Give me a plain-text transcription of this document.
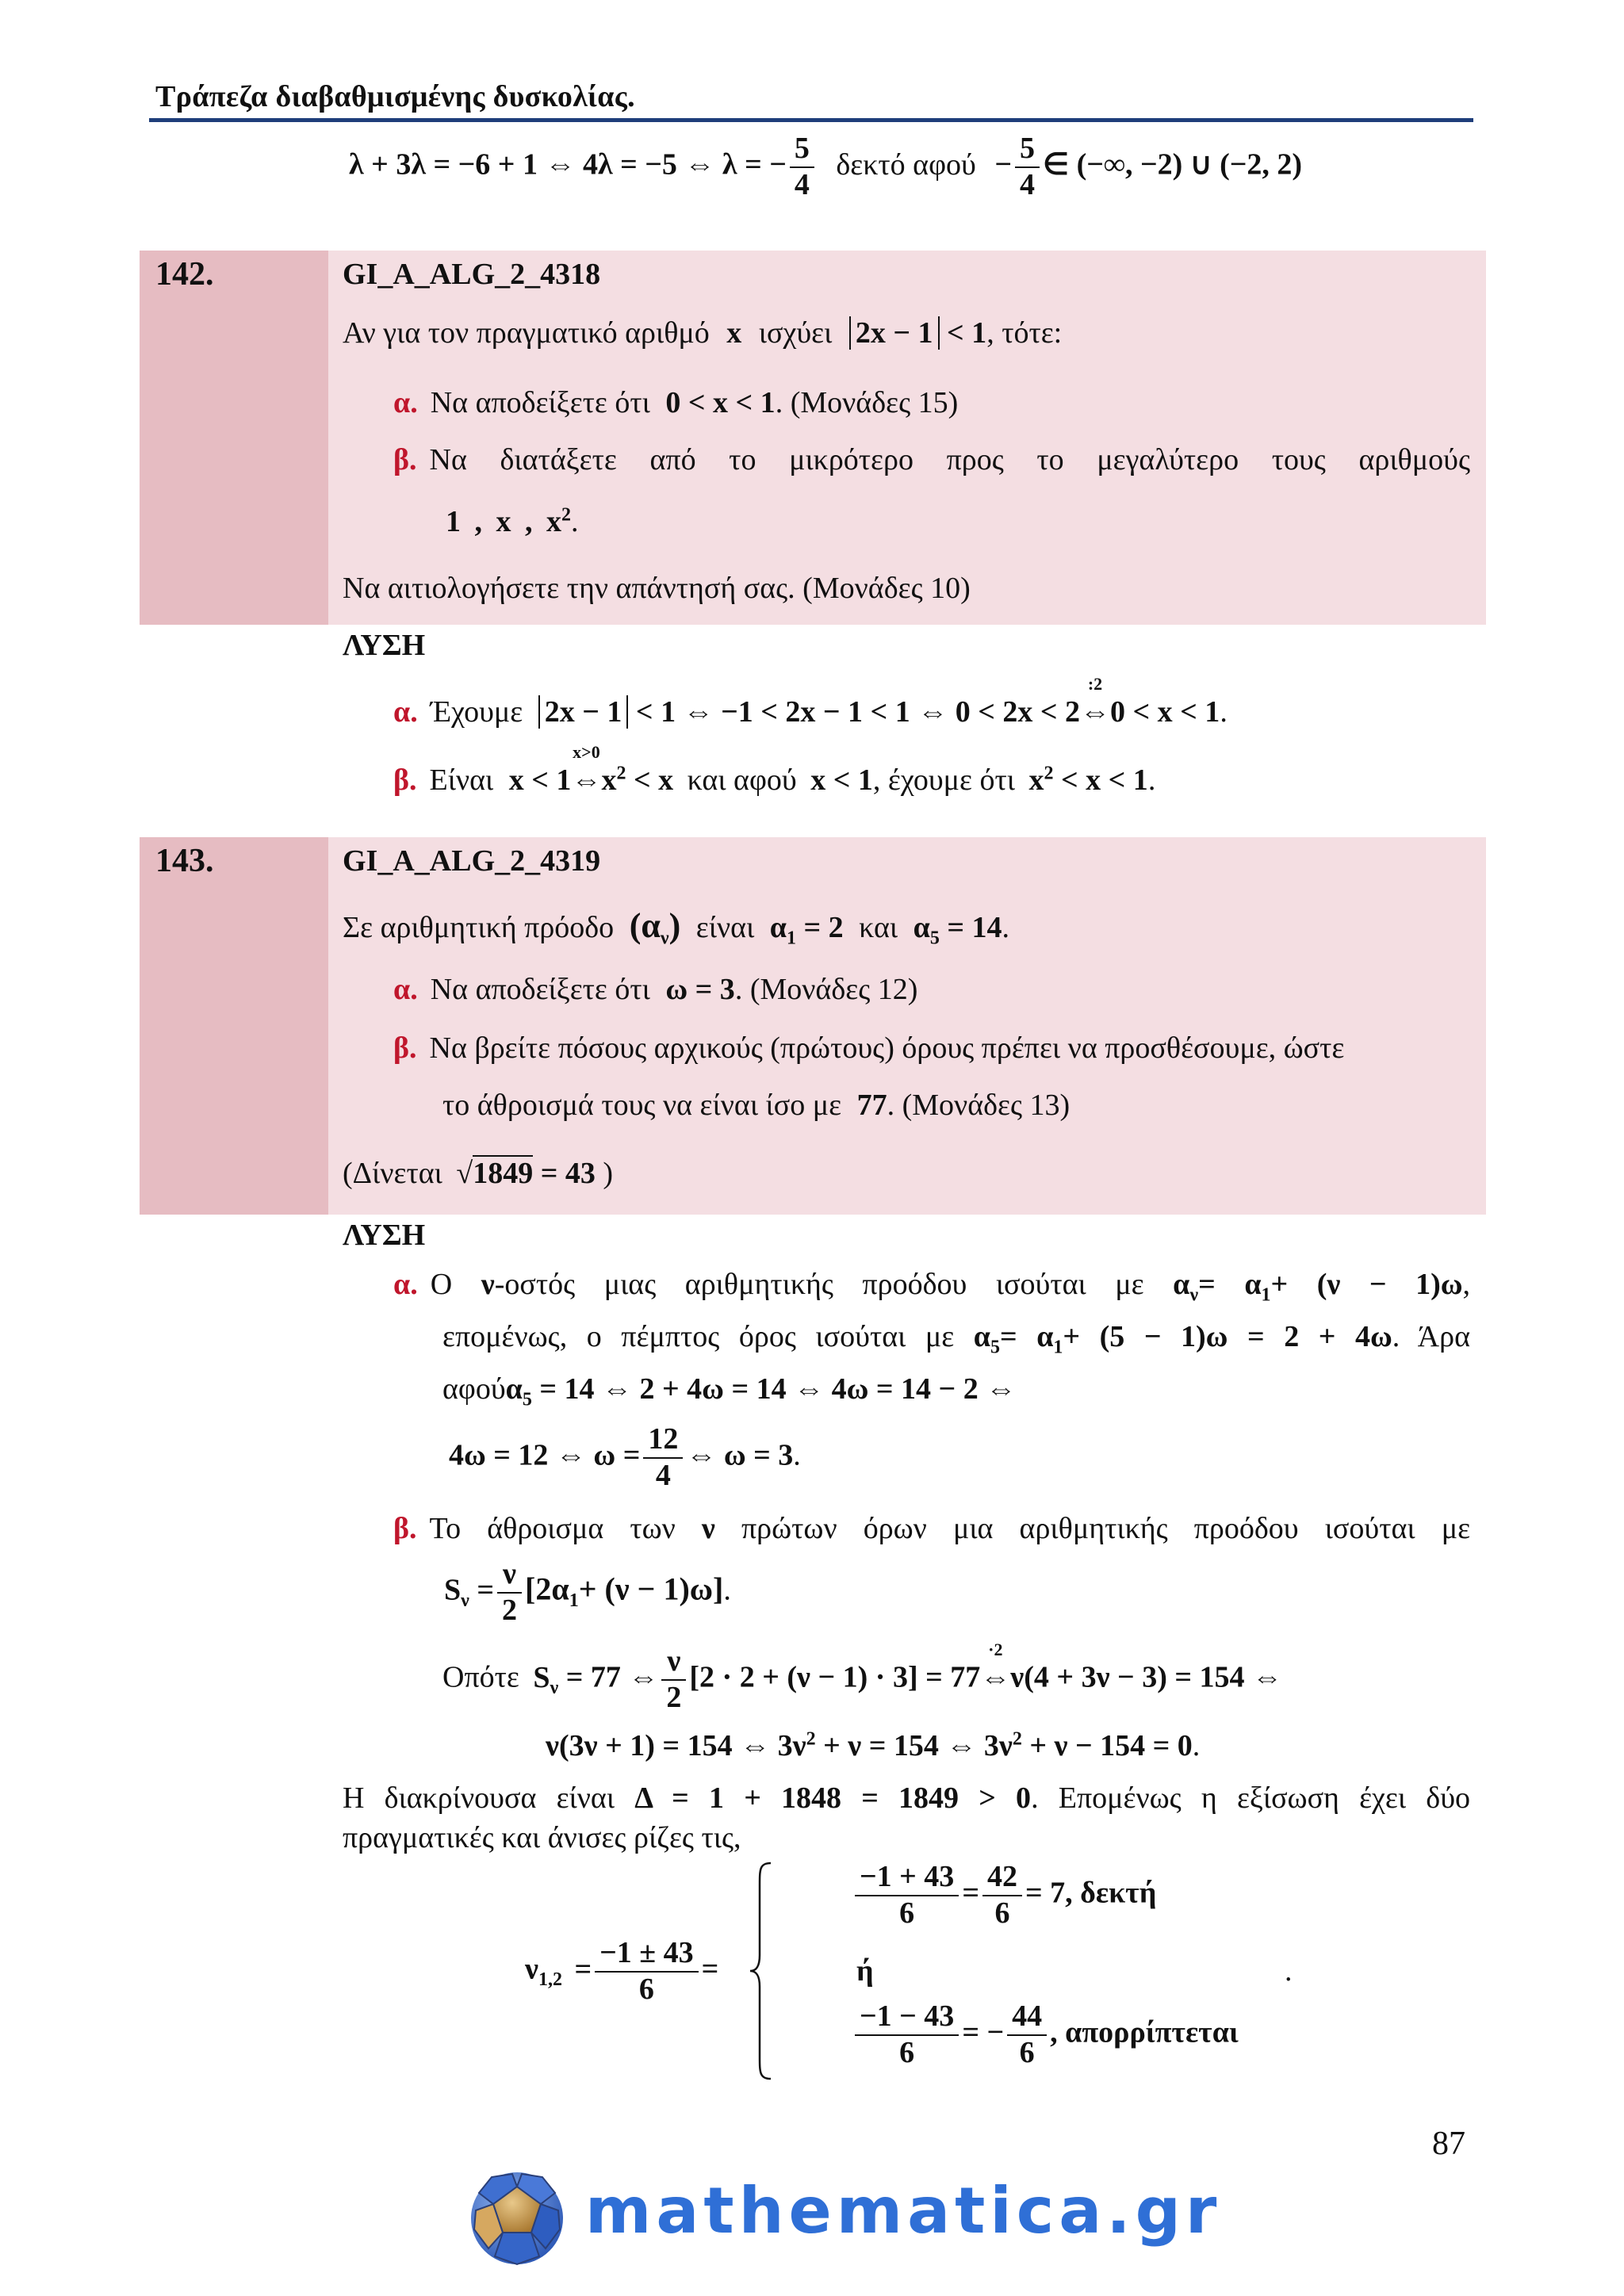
Τράπεζα διαβαθμισμένης δυσκολίας.
λ + 3λ = −6 + 1 ⇔ 4λ = −5 ⇔ λ = − $\frac{5}{4}$ δεκτό $\alpha\varphi oύ - \frac{5}{4}$ ∈ (−∞, −2) ∪ (−2, 2)
142.	GI_A_ALG_2_4318
Αν για τον πραγματικό αριθμό x ισχύει 2x − 1 < 1, τότε:
α. Να αποδείξετε ότι 0 < x < 1. (Μονάδες 15)
β. Να διατάξετε από το μικρότερο προς το μεγαλύτερο τους αριθμούς
1 , x , $x^2$.
Να αιτιολογήσετε την απάντησή σας. (Μονάδες 10)
ΛΥΣΗ
α. Έχουμε 2x − 1 < 1 ⇔ −1 < 2x − 1 < 1 ⇔ 0 < 2x < 2
:2
⇔0 < x < 1.
β. Είναι x < 1
x>0
$\Leftrightarrow x^2 < x$ και αφού x < 1, έχουμε ότι $x^2 < x < 1$.
143.	GI_A_ALG_2_4319
Σε αριθμητική πρόοδο $(\alpha_\nu)$ είναι $\alpha_1 = 2$ και $\alpha_5 = 14$.
α. Να αποδείξετε ότι ω = 3. (Μονάδες 12)
β. Να βρείτε πόσους αρχικούς (πρώτους) όρους πρέπει να προσθέσουμε, ώστε
το άθροισμά τους να είναι ίσο με 77. (Μονάδες 13)
(Δίνεται √1849 = 43 )
ΛΥΣΗ
α. Ο ν-οστός μιας αριθμητικής προόδου ισούται με $\alpha_\nu= \alpha_1+ (\nu - 1)\omega$,
επομένως, ο πέμπτος όρος ισούται με $\alpha_5= \alpha_1+ (5 - 1)\omega = 2 + 4\omega$. Άρα
αφούα$_5$ = 14 ⇔ 2 + 4ω = 14 ⇔ 4ω = 14 − 2 ⇔
4ω = 12 ⇔ $\omega = \frac{12}{4}$ ⇔ ω = 3.
β. Το άθροισμα των ν πρώτων όρων μια αριθμητικής προόδου ισούται με
$S_\nu = \frac{\nu}{2} [2\alpha_1+ (\nu - 1)\omega]$.
Οπότε $S_\nu = 77$ ⇔ $\frac{\nu}{2} [2 \cdot 2 + (\nu - 1) \cdot 3] = 77$
·2
⇔ν(4 + 3ν − 3) = 154 ⇔
ν(3ν + 1) = 154 ⇔ $3\nu^2 + \nu = 154$ ⇔ $3\nu^2 + \nu - 154 = 0$.
Η διακρίνουσα είναι Δ = 1 + 1848 = 1849 > 0. Επομένως η εξίσωση έχει δύο
πραγματικές και άνισες ρίζες τις,
$\nu_{1,2} = \frac{-1 \pm 43}{6}$ =
$\frac{-1 + 43}{6} = \frac{42}{6} = 7$, δεκτή
ή
$\frac{-1 - 43}{6}$ = − $\frac{44}{6}$ , απορρίπτεται
.
87
mathematica.gr
